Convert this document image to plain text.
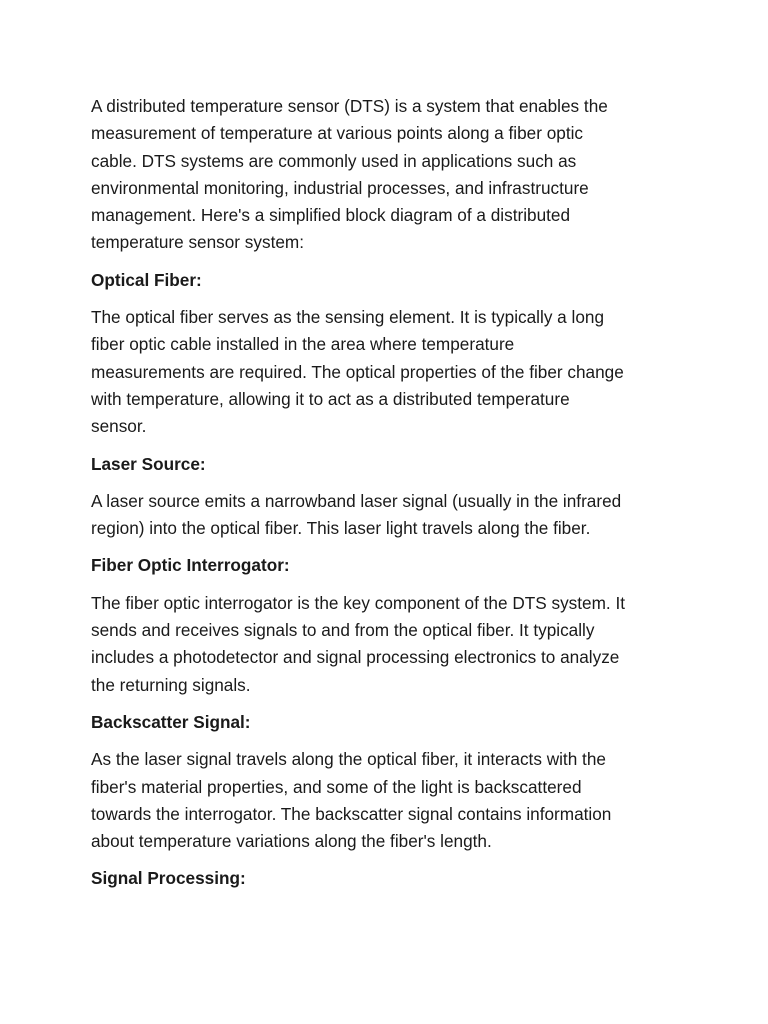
A distributed temperature sensor (DTS) is a system that enables the
measurement of temperature at various points along a fiber optic
cable. DTS systems are commonly used in applications such as
environmental monitoring, industrial processes, and infrastructure
management. Here's a simplified block diagram of a distributed
temperature sensor system:

Optical Fiber:

The optical fiber serves as the sensing element. It is typically a long
fiber optic cable installed in the area where temperature
measurements are required. The optical properties of the fiber change
with temperature, allowing it to act as a distributed temperature
sensor.

Laser Source:

A laser source emits a narrowband laser signal (usually in the infrared
region) into the optical fiber. This laser light travels along the fiber.

Fiber Optic Interrogator:

The fiber optic interrogator is the key component of the DTS system. It
sends and receives signals to and from the optical fiber. It typically
includes a photodetector and signal processing electronics to analyze
the returning signals.

Backscatter Signal:

As the laser signal travels along the optical fiber, it interacts with the
fiber's material properties, and some of the light is backscattered
towards the interrogator. The backscatter signal contains information
about temperature variations along the fiber's length.

Signal Processing:
